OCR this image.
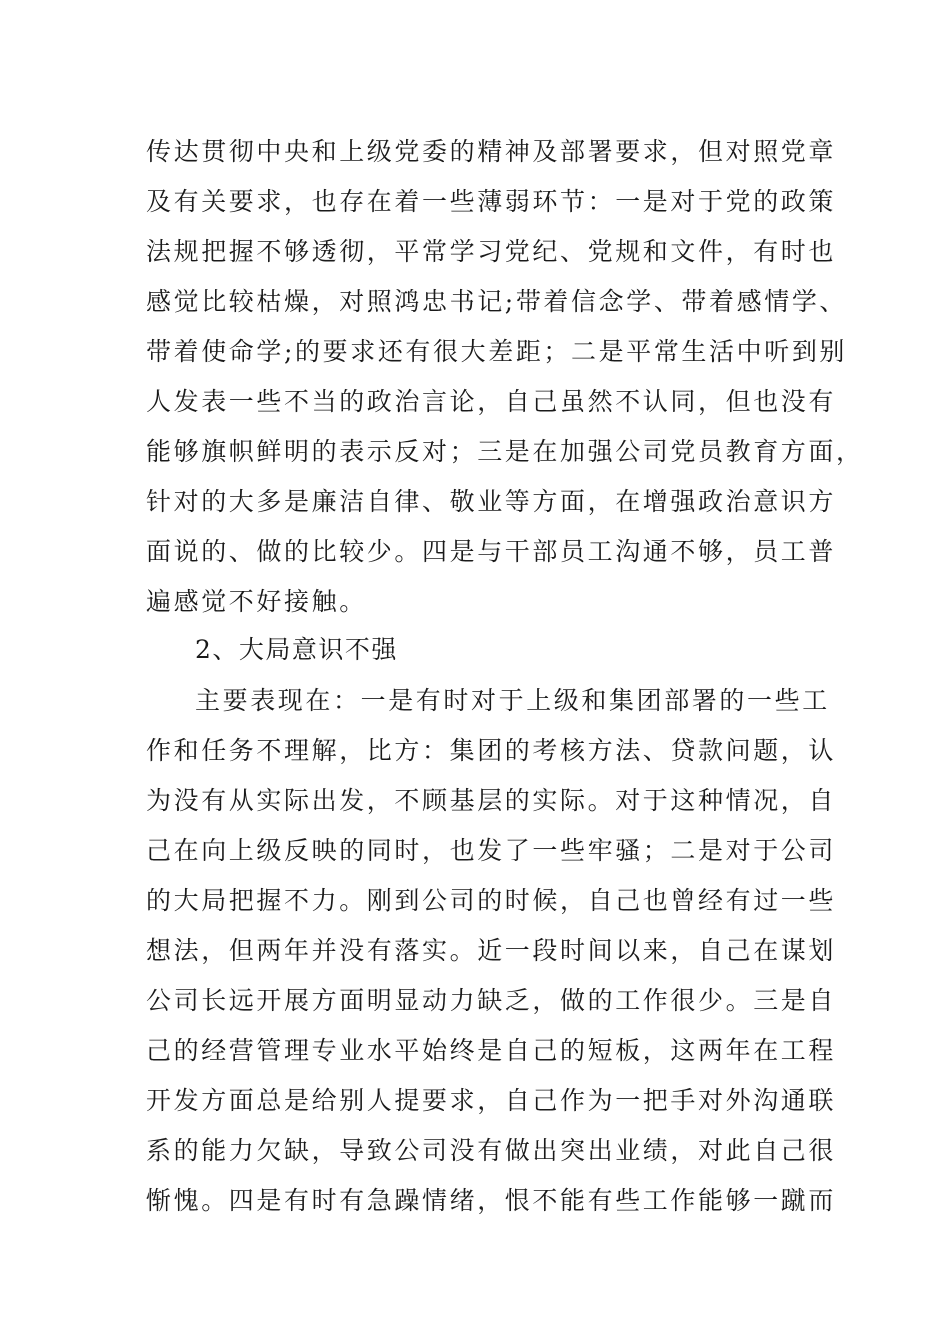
传达贯彻中央和上级党委的精神及部署要求，但对照党章
及有关要求，也存在着一些薄弱环节：一是对于党的政策
法规把握不够透彻，平常学习党纪、党规和文件，有时也
感觉比较枯燥，对照鸿忠书记;带着信念学、带着感情学、
带着使命学;的要求还有很大差距；二是平常生活中听到别
人发表一些不当的政治言论，自己虽然不认同，但也没有
能够旗帜鲜明的表示反对；三是在加强公司党员教育方面，
针对的大多是廉洁自律、敬业等方面，在增强政治意识方
面说的、做的比较少。四是与干部员工沟通不够，员工普
遍感觉不好接触。
2、大局意识不强
主要表现在：一是有时对于上级和集团部署的一些工
作和任务不理解，比方：集团的考核方法、贷款问题，认
为没有从实际出发，不顾基层的实际。对于这种情况，自
己在向上级反映的同时，也发了一些牢骚；二是对于公司
的大局把握不力。刚到公司的时候，自己也曾经有过一些
想法，但两年并没有落实。近一段时间以来，自己在谋划
公司长远开展方面明显动力缺乏，做的工作很少。三是自
己的经营管理专业水平始终是自己的短板，这两年在工程
开发方面总是给别人提要求，自己作为一把手对外沟通联
系的能力欠缺，导致公司没有做出突出业绩，对此自己很
惭愧。四是有时有急躁情绪，恨不能有些工作能够一蹴而
